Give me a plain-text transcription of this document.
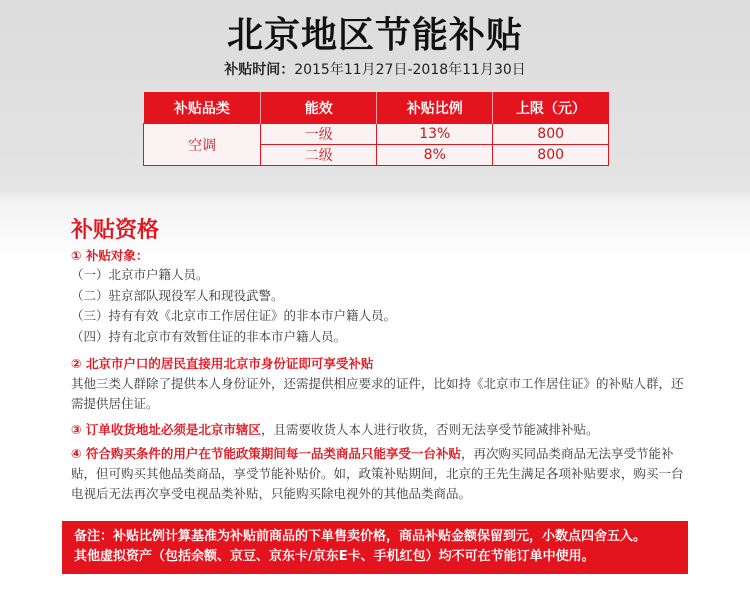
北京地区节能补贴
补贴时间：2015年11月27日-2018年11月30日
补贴品类	能效	补贴比例	上限（元）
空调	一级	13%	800
	二级	8%	800
补贴资格
① 补贴对象：
（一）北京市户籍人员。
（二）驻京部队现役军人和现役武警。
（三）持有有效《北京市工作居住证》的非本市户籍人员。
（四）持有北京市有效暂住证的非本市户籍人员。
② 北京市户口的居民直接用北京市身份证即可享受补贴
其他三类人群除了提供本人身份证外，还需提供相应要求的证件，比如持《北京市工作居住证》的补贴人群，还需提供居住证。
③ 订单收货地址必须是北京市辖区，且需要收货人本人进行收货，否则无法享受节能减排补贴。
④ 符合购买条件的用户在节能政策期间每一品类商品只能享受一台补贴，再次购买同品类商品无法享受节能补贴，但可购买其他品类商品，享受节能补贴价。如，政策补贴期间，北京的王先生满足各项补贴要求，购买一台电视后无法再次享受电视品类补贴，只能购买除电视外的其他品类商品。
备注：补贴比例计算基准为补贴前商品的下单售卖价格，商品补贴金额保留到元，小数点四舍五入。
其他虚拟资产（包括余额、京豆、京东卡/京东E卡、手机红包）均不可在节能订单中使用。
